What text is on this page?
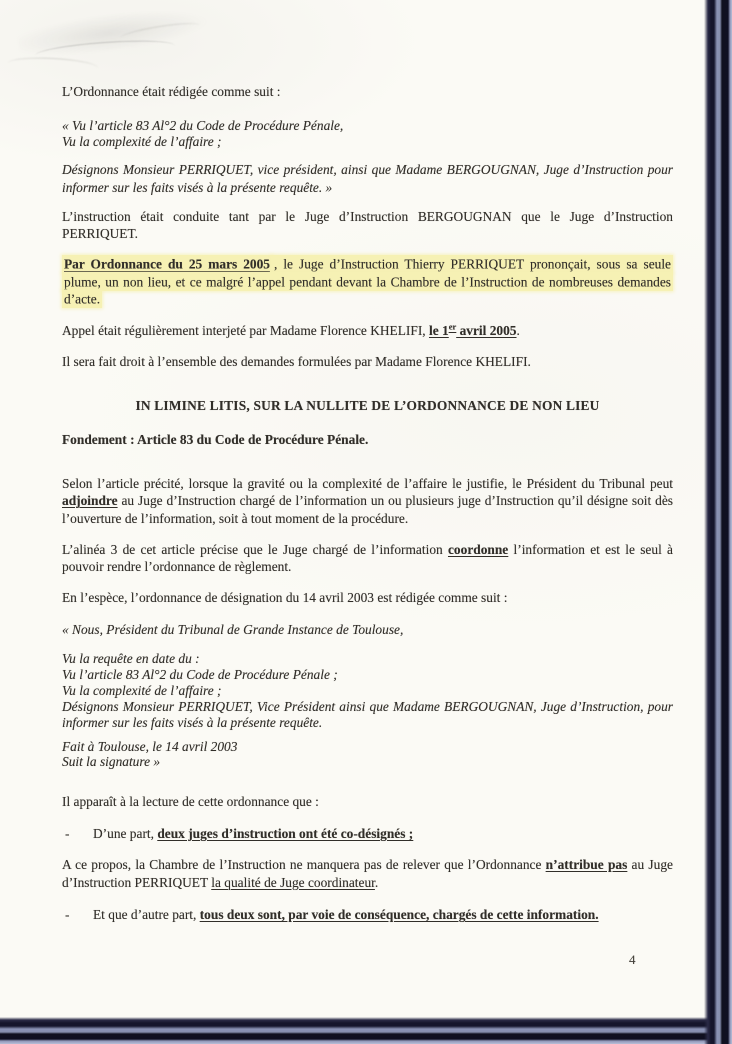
L’Ordonnance était rédigée comme suit :

« Vu l’article 83 Al°2 du Code de Procédure Pénale,
Vu la complexité de l’affaire ;

Désignons Monsieur PERRIQUET, vice président, ainsi que Madame BERGOUGNAN, Juge d’Instruction pour informer sur les faits visés à la présente requête. »

L’instruction était conduite tant par le Juge d’Instruction BERGOUGNAN que le Juge d’Instruction PERRIQUET.

Par Ordonnance du 25 mars 2005 , le Juge d’Instruction Thierry PERRIQUET prononçait, sous sa seule plume, un non lieu, et ce malgré l’appel pendant devant la Chambre de l’Instruction de nombreuses demandes d’acte.

Appel était régulièrement interjeté par Madame Florence KHELIFI, le 1er avril 2005.

Il sera fait droit à l’ensemble des demandes formulées par Madame Florence KHELIFI.

IN LIMINE LITIS, SUR LA NULLITE DE L’ORDONNANCE DE NON LIEU

Fondement : Article 83 du Code de Procédure Pénale.

Selon l’article précité, lorsque la gravité ou la complexité de l’affaire le justifie, le Président du Tribunal peut adjoindre au Juge d’Instruction chargé de l’information un ou plusieurs juge d’Instruction qu’il désigne soit dès l’ouverture de l’information, soit à tout moment de la procédure.

L’alinéa 3 de cet article précise que le Juge chargé de l’information coordonne l’information et est le seul à pouvoir rendre l’ordonnance de règlement.

En l’espèce, l’ordonnance de désignation du 14 avril 2003 est rédigée comme suit :

« Nous, Président du Tribunal de Grande Instance de Toulouse,

Vu la requête en date du :
Vu l’article 83 Al°2 du Code de Procédure Pénale ;
Vu la complexité de l’affaire ;
Désignons Monsieur PERRIQUET, Vice Président ainsi que Madame BERGOUGNAN, Juge d’Instruction, pour informer sur les faits visés à la présente requête.

Fait à Toulouse, le 14 avril 2003
Suit la signature »

Il apparaît à la lecture de cette ordonnance que :

-	D’une part, deux juges d’instruction ont été co-désignés ;

A ce propos, la Chambre de l’Instruction ne manquera pas de relever que l’Ordonnance n’attribue pas au Juge d’Instruction PERRIQUET la qualité de Juge coordinateur.

-	Et que d’autre part, tous deux sont, par voie de conséquence, chargés de cette information.

4
